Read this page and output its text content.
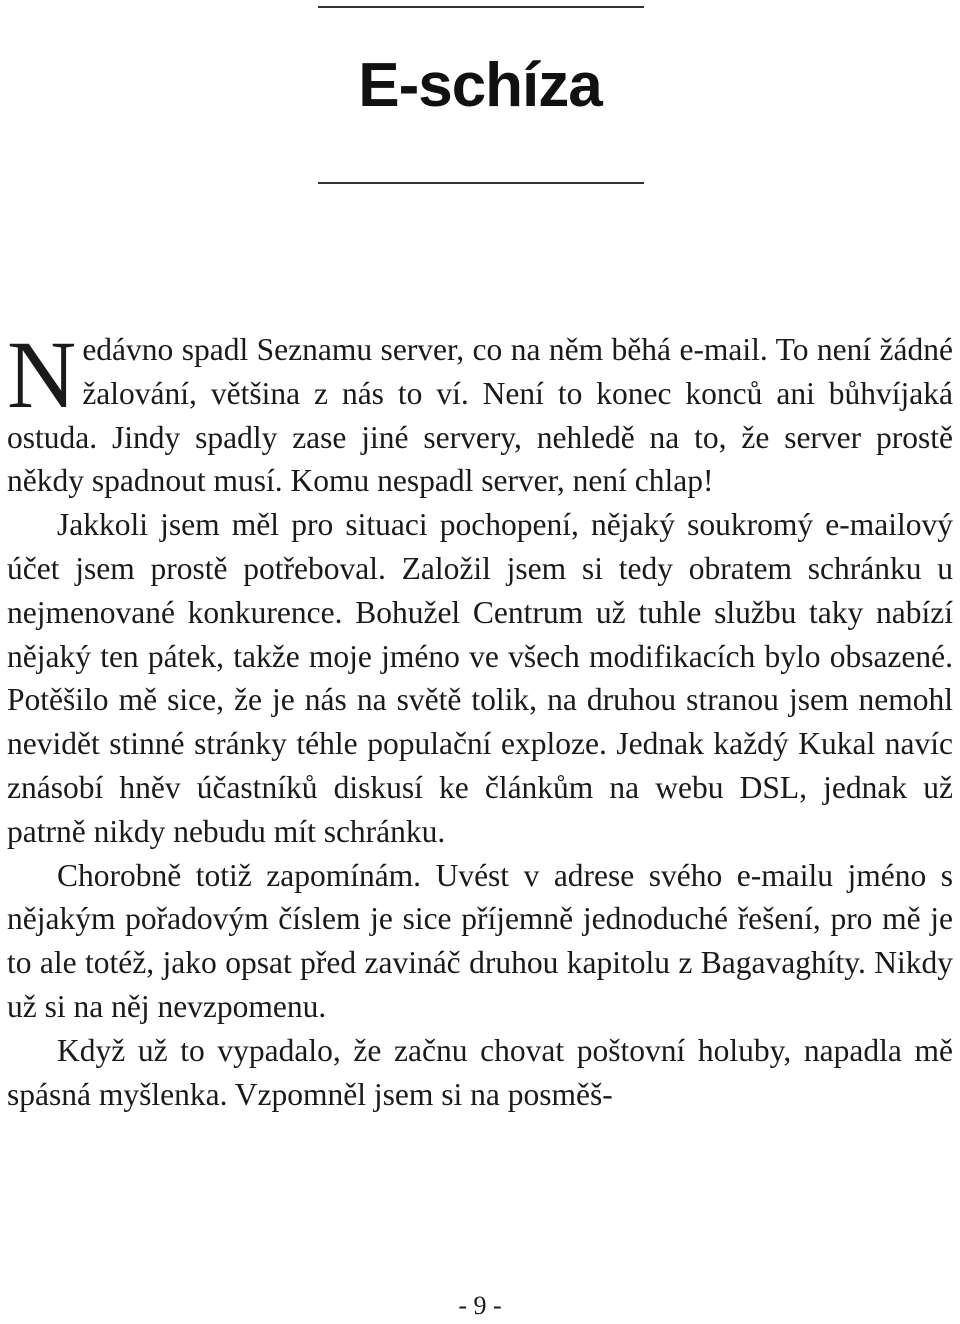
E-schíza

Nedávno spadl Seznamu server, co na něm běhá e-mail. To není žádné žalování, většina z nás to ví. Není to konec konců ani bůhvíjaká ostuda. Jindy spadly zase jiné servery, nehledě na to, že server prostě někdy spadnout musí. Komu nespadl server, není chlap!

Jakkoli jsem měl pro situaci pochopení, nějaký soukromý e-mailový účet jsem prostě potřeboval. Založil jsem si tedy obratem schránku u nejmenované konkurence. Bohužel Centrum už tuhle službu taky nabízí nějaký ten pátek, takže moje jméno ve všech modifikacích bylo obsazené. Potěšilo mě sice, že je nás na světě tolik, na druhou stranou jsem nemohl nevidět stinné stránky téhle populační exploze. Jednak každý Kukal navíc znásobí hněv účastníků diskusí ke článkům na webu DSL, jednak už patrně nikdy nebudu mít schránku.

Chorobně totiž zapomínám. Uvést v adrese svého e-mailu jméno s nějakým pořadovým číslem je sice příjemně jednoduché řešení, pro mě je to ale totéž, jako opsat před zavináč druhou kapitolu z Bagavaghíty. Nikdy už si na něj nevzpomenu.

Když už to vypadalo, že začnu chovat poštovní holuby, napadla mě spásná myšlenka. Vzpomněl jsem si na posměš-

- 9 -
